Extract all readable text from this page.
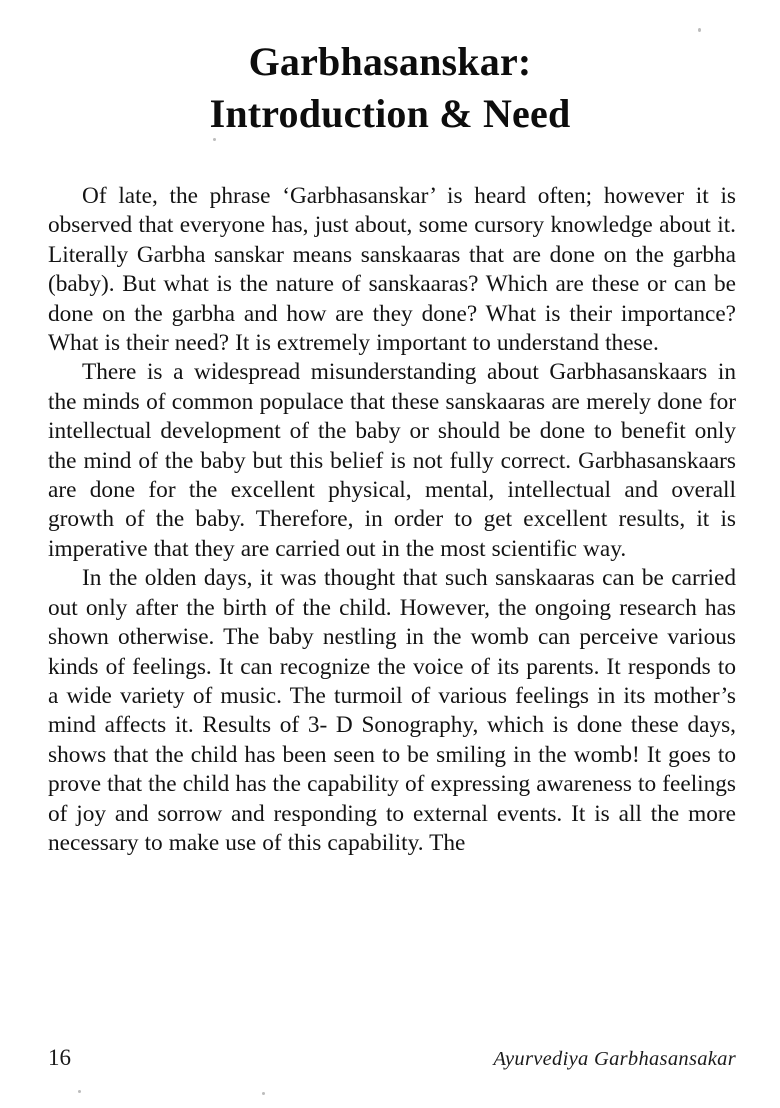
Garbhasanskar:
Introduction & Need

Of late, the phrase ‘Garbhasanskar’ is heard often; however it is observed that everyone has, just about, some cursory knowledge about it. Literally Garbha sanskar means sanskaaras that are done on the garbha (baby). But what is the nature of sanskaaras? Which are these or can be done on the garbha and how are they done? What is their importance? What is their need? It is extremely important to understand these.

There is a widespread misunderstanding about Garbhasanskaars in the minds of common populace that these sanskaaras are merely done for intellectual development of the baby or should be done to benefit only the mind of the baby but this belief is not fully correct. Garbhasanskaars are done for the excellent physical, mental, intellectual and overall growth of the baby. Therefore, in order to get excellent results, it is imperative that they are carried out in the most scientific way.

In the olden days, it was thought that such sanskaaras can be carried out only after the birth of the child. However, the ongoing research has shown otherwise. The baby nestling in the womb can perceive various kinds of feelings. It can recognize the voice of its parents. It responds to a wide variety of music. The turmoil of various feelings in its mother’s mind affects it. Results of 3- D Sonography, which is done these days, shows that the child has been seen to be smiling in the womb! It goes to prove that the child has the capability of expressing awareness to feelings of joy and sorrow and responding to external events. It is all the more necessary to make use of this capability. The

16	Ayurvediya Garbhasansakar
